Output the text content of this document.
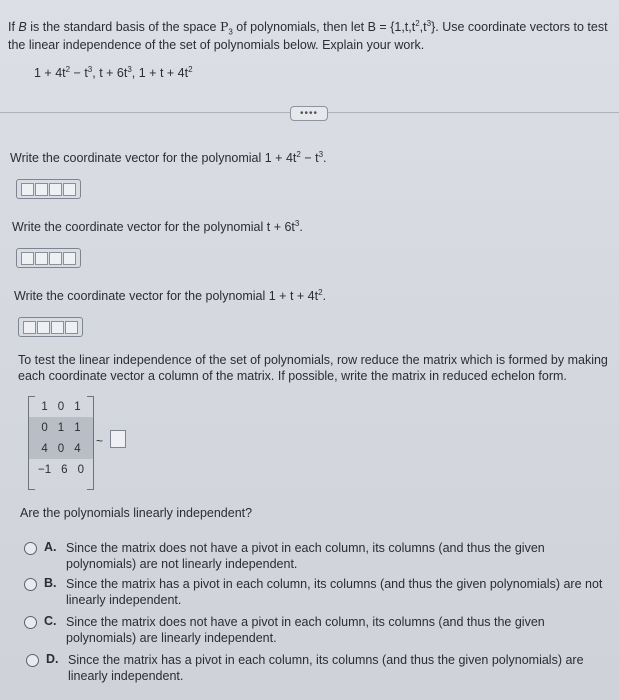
If B is the standard basis of the space $P_3$ of polynomials, then let $B = \{1,t,t^2,t^3\}$. Use coordinate vectors to test the linear independence of the set of polynomials below. Explain your work.
$1 + 4t^2 - t^3$, $t + 6t^3$, $1 + t + 4t^2$
••••
Write the coordinate vector for the polynomial $1 + 4t^2 - t^3$.
Write the coordinate vector for the polynomial $t + 6t^3$.
Write the coordinate vector for the polynomial $1 + t + 4t^2$.
To test the linear independence of the set of polynomials, row reduce the matrix which is formed by making each coordinate vector a column of the matrix. If possible, write the matrix in reduced echelon form.
1 0 1
0 1 1
4 0 4
−1 6 0
~
Are the polynomials linearly independent?
A. Since the matrix does not have a pivot in each column, its columns (and thus the given polynomials) are not linearly independent.
B. Since the matrix has a pivot in each column, its columns (and thus the given polynomials) are not linearly independent.
C. Since the matrix does not have a pivot in each column, its columns (and thus the given polynomials) are linearly independent.
D. Since the matrix has a pivot in each column, its columns (and thus the given polynomials) are linearly independent.
